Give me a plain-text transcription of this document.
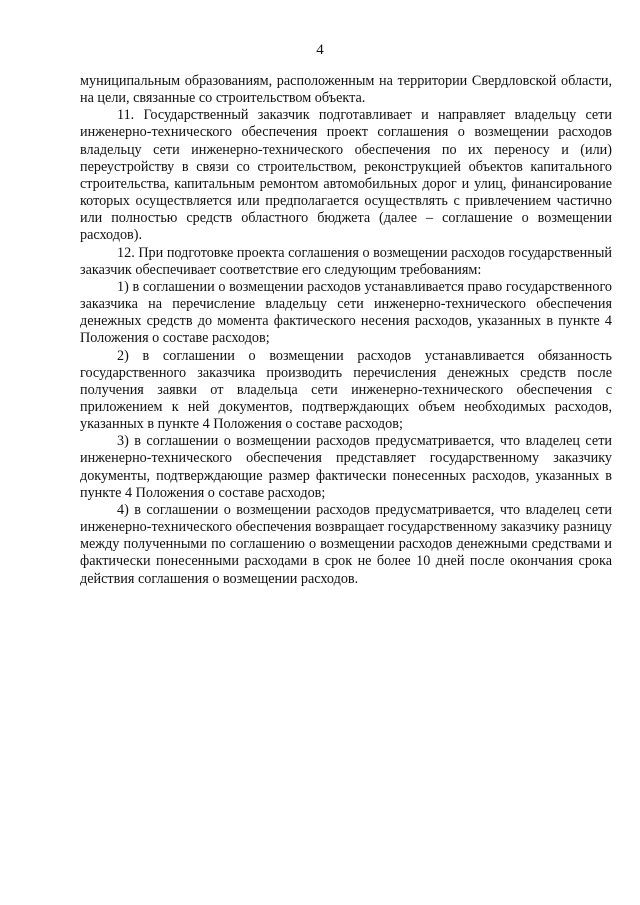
4

муниципальным образованиям, расположенным на территории Свердловской области, на цели, связанные со строительством объекта.

11. Государственный заказчик подготавливает и направляет владельцу сети инженерно-технического обеспечения проект соглашения о возмещении расходов владельцу сети инженерно-технического обеспечения по их переносу и (или) переустройству в связи со строительством, реконструкцией объектов капитального строительства, капитальным ремонтом автомобильных дорог и улиц, финансирование которых осуществляется или предполагается осуществлять с привлечением частично или полностью средств областного бюджета (далее – соглашение о возмещении расходов).

12. При подготовке проекта соглашения о возмещении расходов государственный заказчик обеспечивает соответствие его следующим требованиям:

1) в соглашении о возмещении расходов устанавливается право государственного заказчика на перечисление владельцу сети инженерно-технического обеспечения денежных средств до момента фактического несения расходов, указанных в пункте 4 Положения о составе расходов;

2) в соглашении о возмещении расходов устанавливается обязанность государственного заказчика производить перечисления денежных средств после получения заявки от владельца сети инженерно-технического обеспечения с приложением к ней документов, подтверждающих объем необходимых расходов, указанных в пункте 4 Положения о составе расходов;

3) в соглашении о возмещении расходов предусматривается, что владелец сети инженерно-технического обеспечения представляет государственному заказчику документы, подтверждающие размер фактически понесенных расходов, указанных в пункте 4 Положения о составе расходов;

4) в соглашении о возмещении расходов предусматривается, что владелец сети инженерно-технического обеспечения возвращает государственному заказчику разницу между полученными по соглашению о возмещении расходов денежными средствами и фактически понесенными расходами в срок не более 10 дней после окончания срока действия соглашения о возмещении расходов.
